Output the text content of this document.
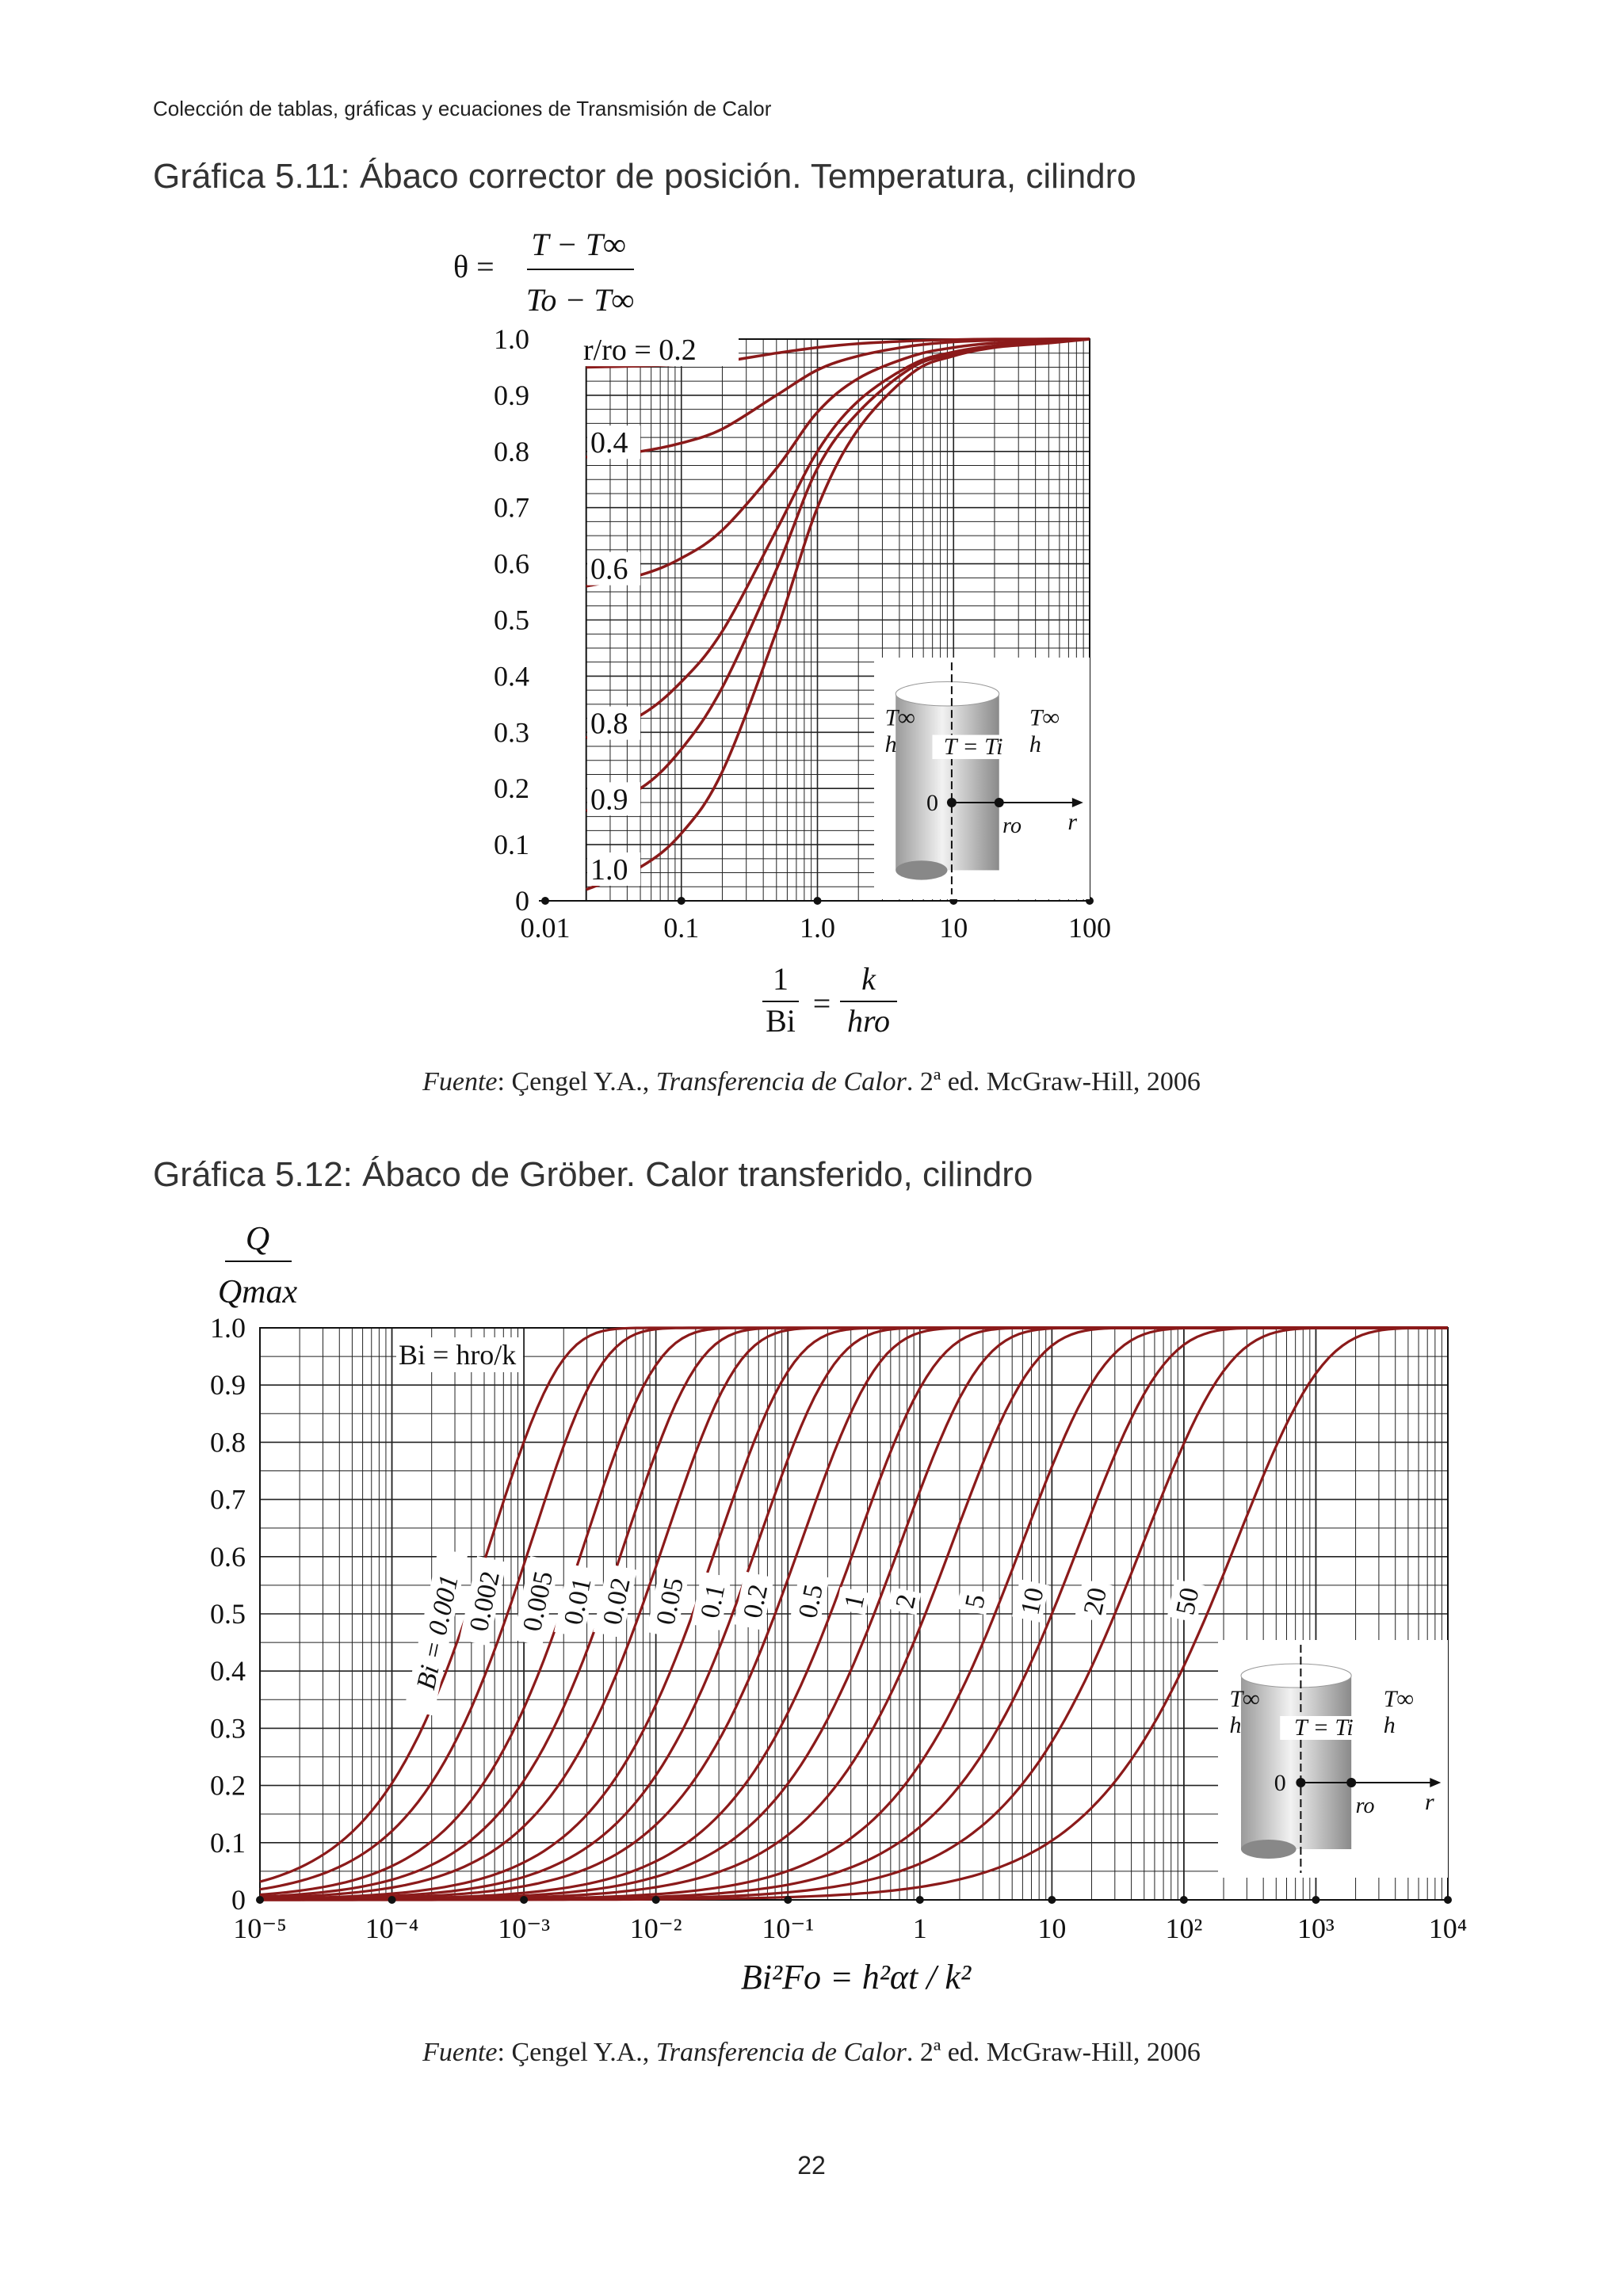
Colección de tablas, gráficas y ecuaciones de Transmisión de Calor
Gráfica 5.11: Ábaco corrector de posición. Temperatura, cilindro
Fuente: Çengel Y.A., Transferencia de Calor. 2ª ed. McGraw-Hill, 2006
Gráfica 5.12: Ábaco de Gröber. Calor transferido, cilindro
Fuente: Çengel Y.A., Transferencia de Calor. 2ª ed. McGraw-Hill, 2006
22
0.01	0.1	1.0	10	100
0
0.1
0.2
0.3
0.4
0.5
0.6
0.7
0.8
0.9
1.0
T∞
h
T∞
h
T = Ti
0
ro r
r/ro = 0.2
0.4
0.6
0.8
0.9
1.0
θ =
T − T∞
To − T∞
1
Bi =
k
hro
T∞
h
T∞
h
T = Ti
0
ro r
Bi = 0.001 0.002 0.005 0.01 0.02 0.05 0.1 0.2 0.5 1 2 5 10 20 50
Bi = hro/k
10⁻⁵	10⁻⁴	10⁻³	10⁻²	10⁻¹	1	10	10²	10³	10⁴
0
0.1
0.2
0.3
0.4
0.5
0.6
0.7
0.8
0.9
1.0
Q
Qmax
Bi²Fo = h²αt / k²
